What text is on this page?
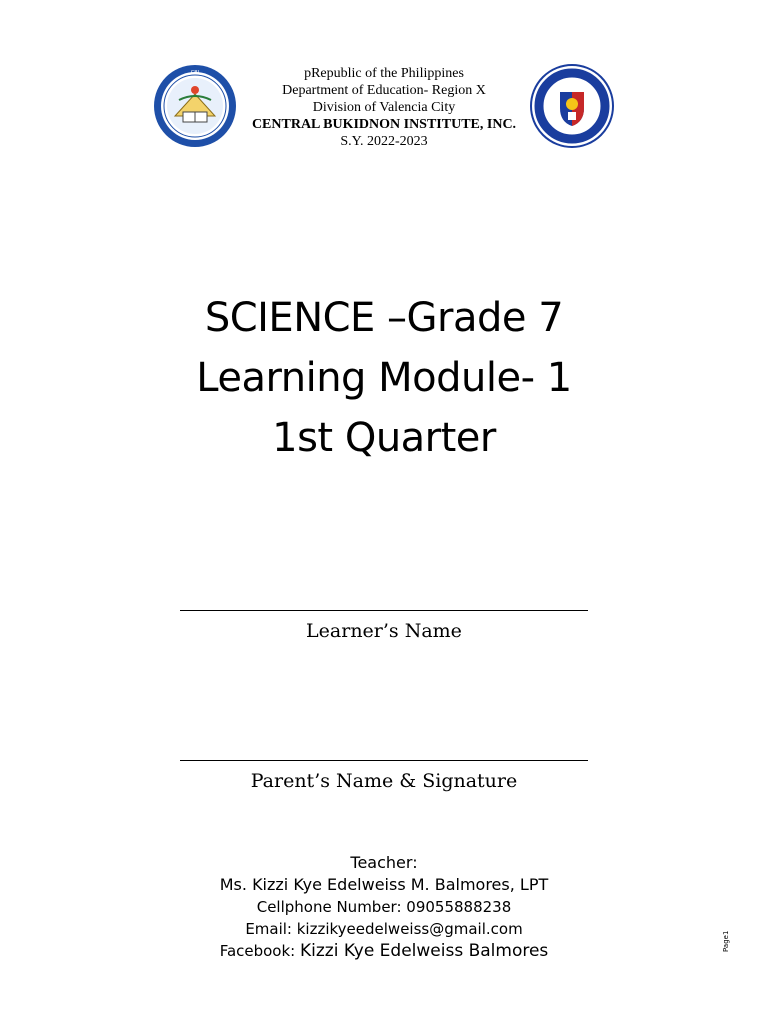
CBI	pRepublic of the Philippines
Department of Education- Region X
Division of Valencia City
CENTRAL BUKIDNON INSTITUTE, INC.
S.Y. 2022-2023
SCIENCE –Grade 7
Learning Module- 1
1st Quarter
Learner’s Name
Parent’s Name & Signature
Teacher:
Ms. Kizzi Kye Edelweiss M. Balmores, LPT
Cellphone Number: 09055888238
Email: kizzikyeedelweiss@gmail.com
Facebook: Kizzi Kye Edelweiss Balmores	Page1
